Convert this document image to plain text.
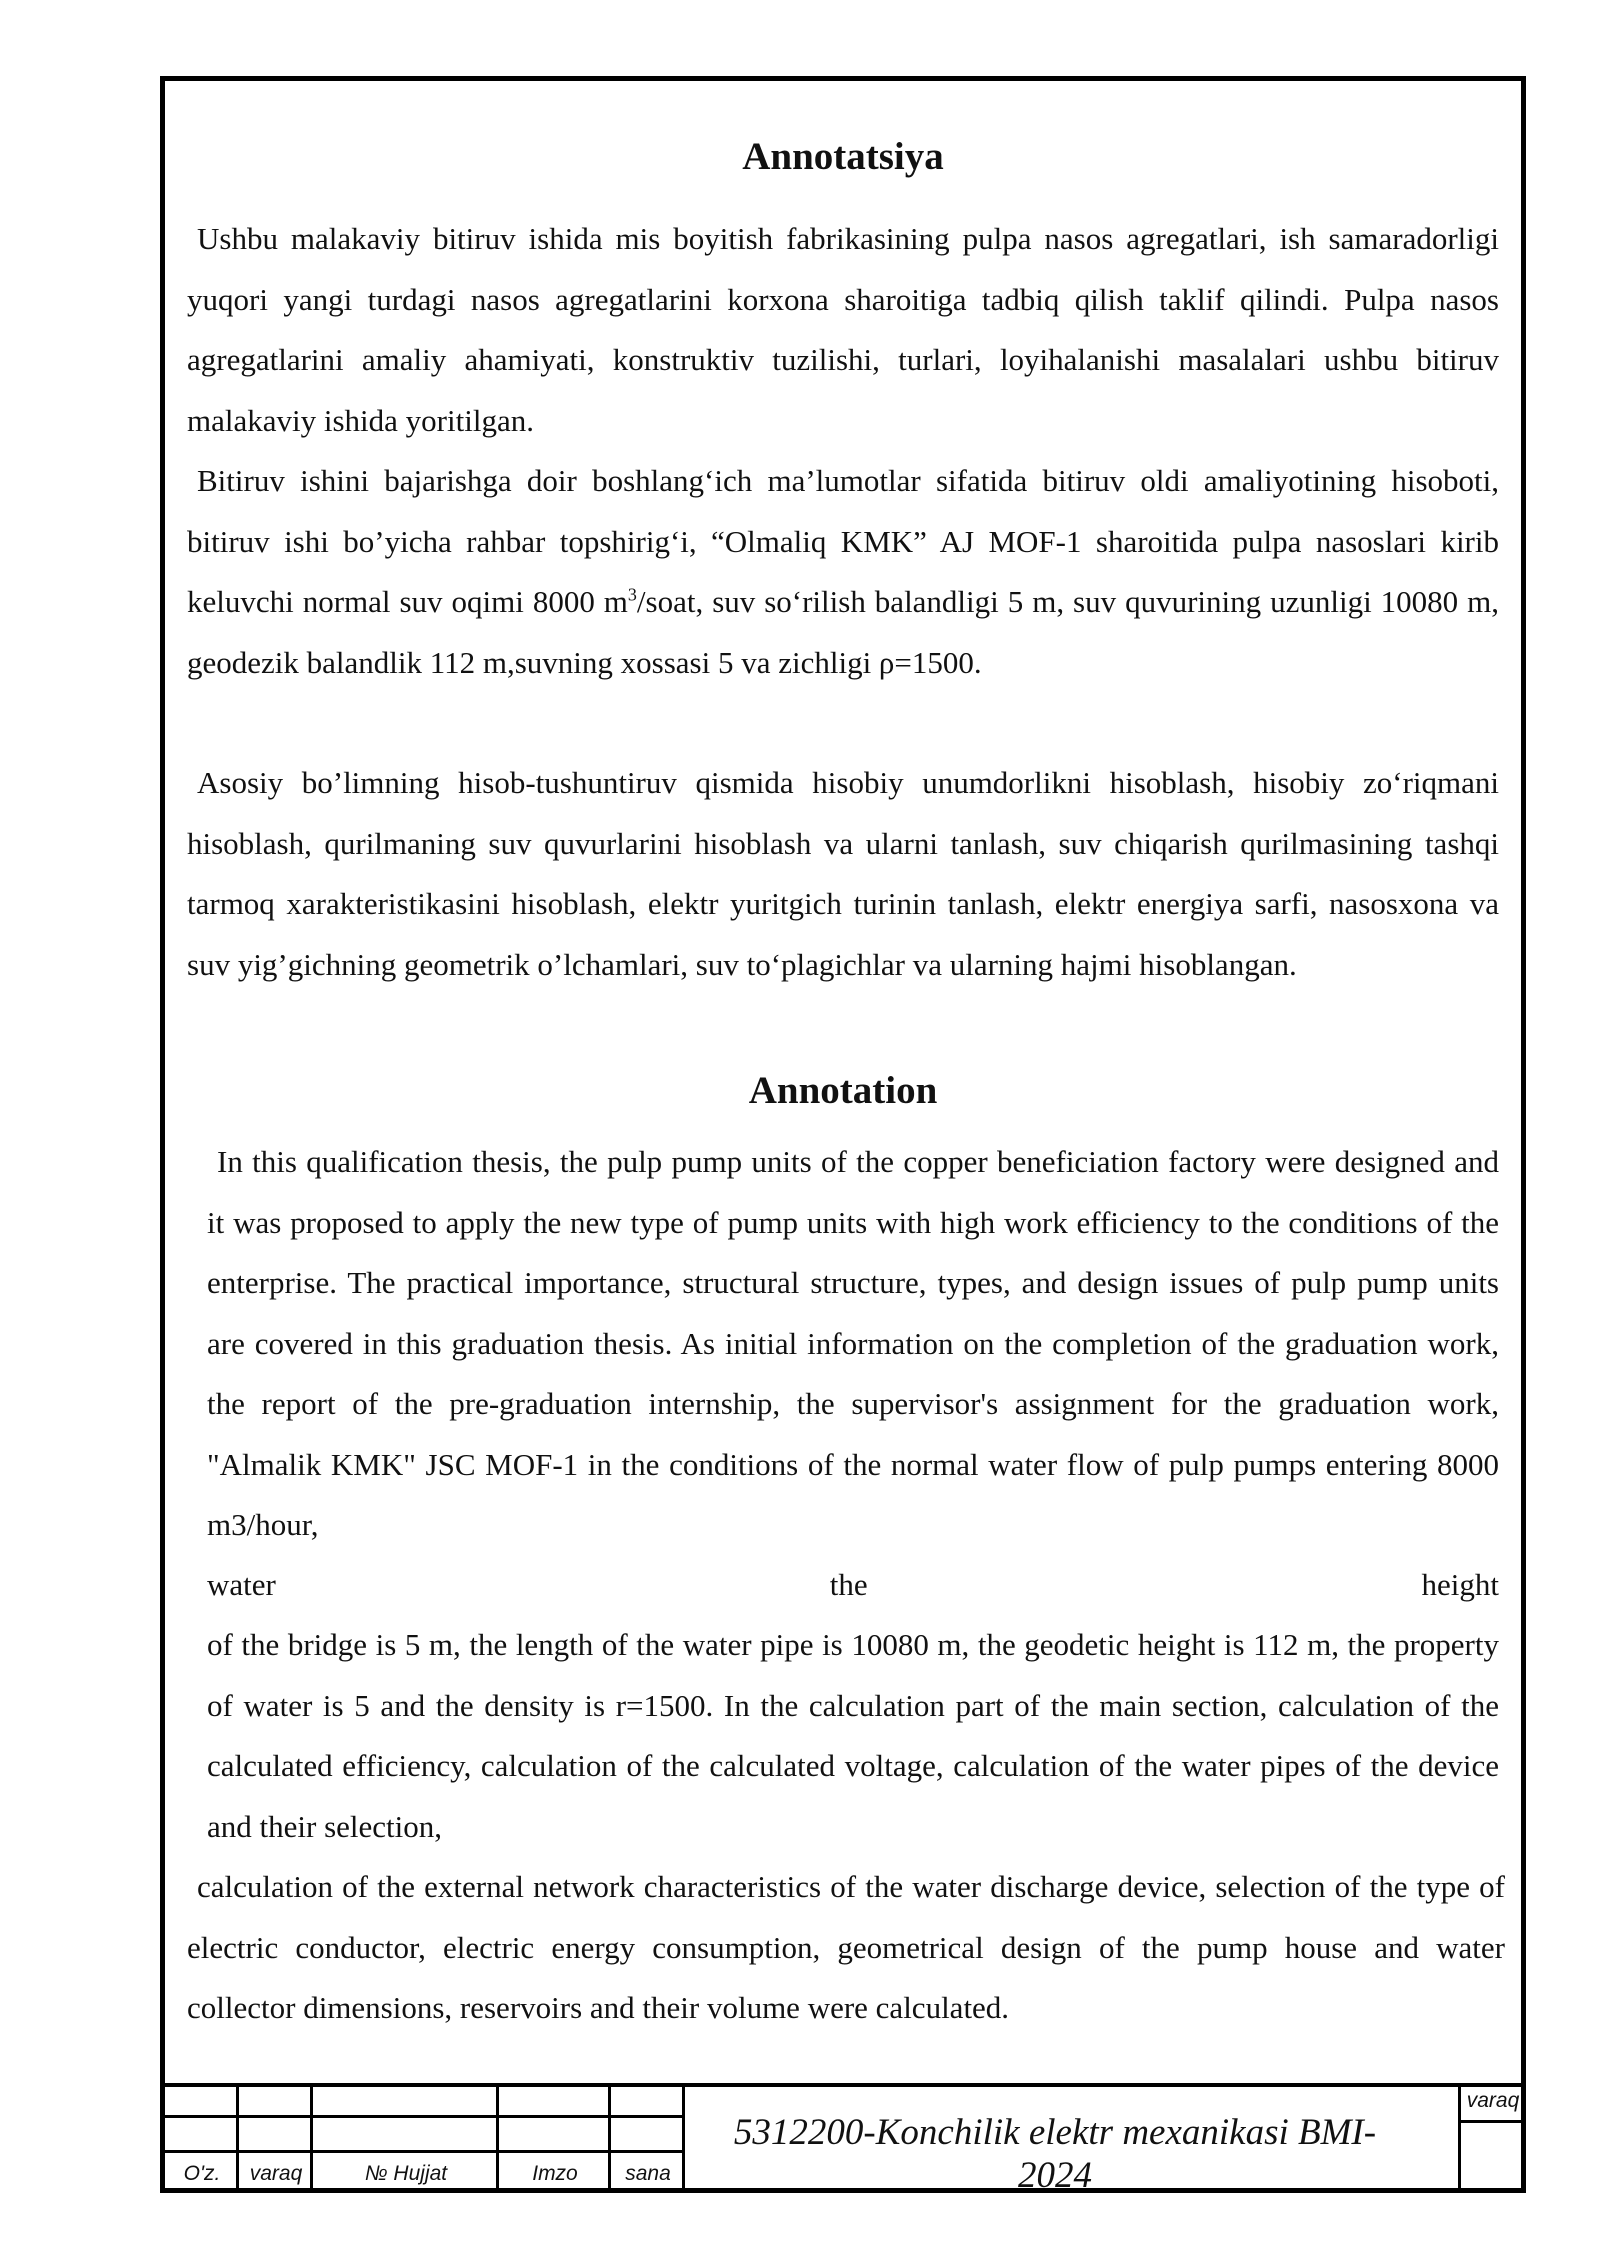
Annotatsiya

Ushbu malakaviy bitiruv ishida mis boyitish fabrikasining pulpa nasos agregatlari, ish samaradorligi yuqori yangi turdagi nasos agregatlarini korxona sharoitiga tadbiq qilish taklif qilindi. Pulpa nasos agregatlarini amaliy ahamiyati, konstruktiv tuzilishi, turlari, loyihalanishi masalalari ushbu bitiruv malakaviy ishida yoritilgan.

Bitiruv ishini bajarishga doir boshlang‘ich ma’lumotlar sifatida bitiruv oldi amaliyotining hisoboti, bitiruv ishi bo’yicha rahbar topshirig‘i, “Olmaliq KMK” AJ MOF-1 sharoitida pulpa nasoslari kirib keluvchi normal suv oqimi 8000 $m^3$/soat, suv so‘rilish balandligi 5 m, suv quvurining uzunligi 10080 m, geodezik balandlik 112 m,suvning xossasi 5 va zichligi ρ=1500.

Asosiy bo’limning hisob-tushuntiruv qismida hisobiy unumdorlikni hisoblash, hisobiy zo‘riqmani hisoblash, qurilmaning suv quvurlarini hisoblash va ularni tanlash, suv chiqarish qurilmasining tashqi tarmoq xarakteristikasini hisoblash, elektr yuritgich turinin tanlash, elektr energiya sarfi, nasosxona va suv yig’gichning geometrik o’lchamlari, suv to‘plagichlar va ularning hajmi hisoblangan.

Annotation

In this qualification thesis, the pulp pump units of the copper beneficiation factory were designed and it was proposed to apply the new type of pump units with high work efficiency to the conditions of the enterprise. The practical importance, structural structure, types, and design issues of pulp pump units are covered in this graduation thesis. As initial information on the completion of the graduation work, the report of the pre-graduation internship, the supervisor's assignment for the graduation work, "Almalik KMK" JSC MOF-1 in the conditions of the normal water flow of pulp pumps entering 8000 m3/hour,

water	the	height

of the bridge is 5 m, the length of the water pipe is 10080 m, the geodetic height is 112 m, the property of water is 5 and the density is r=1500. In the calculation part of the main section, calculation of the calculated efficiency, calculation of the calculated voltage, calculation of the water pipes of the device and their selection,

calculation of the external network characteristics of the water discharge device, selection of the type of electric conductor, electric energy consumption, geometrical design of the pump house and water collector dimensions, reservoirs and their volume were calculated.

O'z.	varaq	№ Hujjat	Imzo	sana
5312200-Konchilik elektr mexanikasi BMI-2024
varaq
